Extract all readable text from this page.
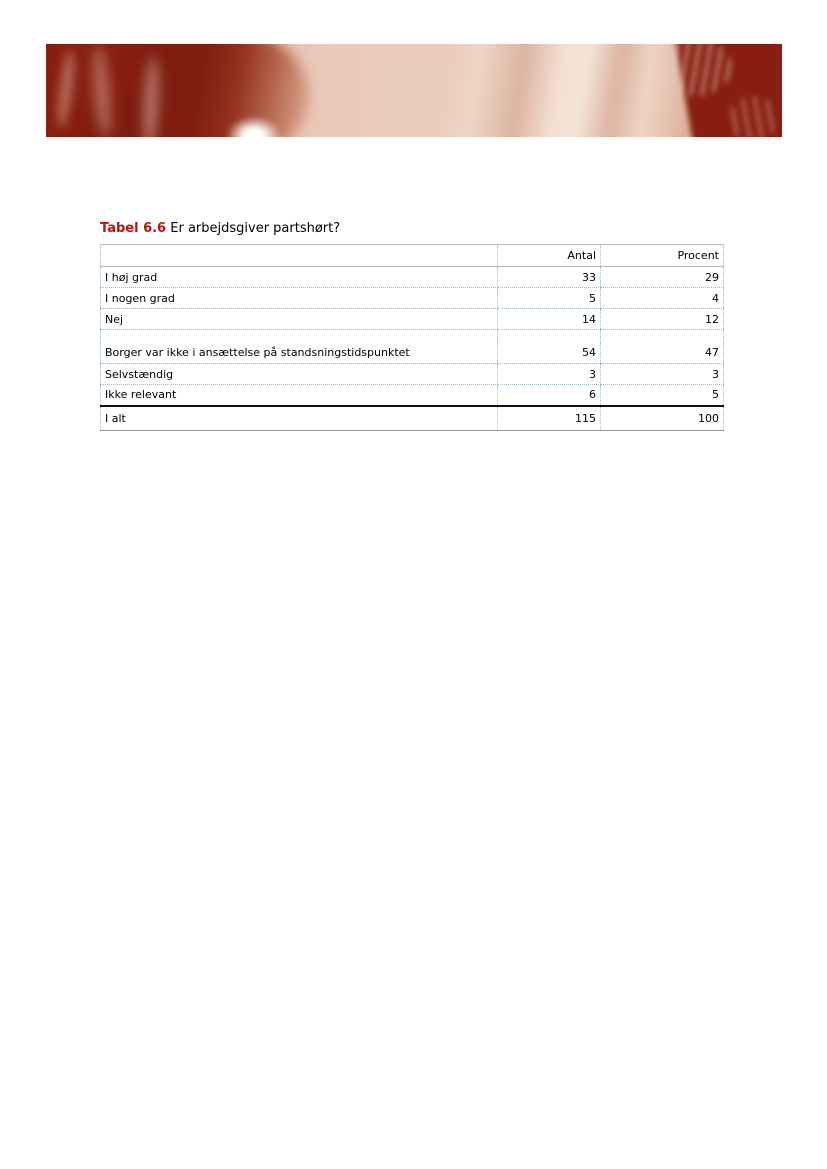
Tabel 6.6 Er arbejdsgiver partshørt?
	Antal	Procent
I høj grad	33	29
I nogen grad	5	4
Nej	14	12

Borger var ikke i ansættelse på standsningstidspunktet	54	47
Selvstændig	3	3
Ikke relevant	6	5
I alt	115	100
